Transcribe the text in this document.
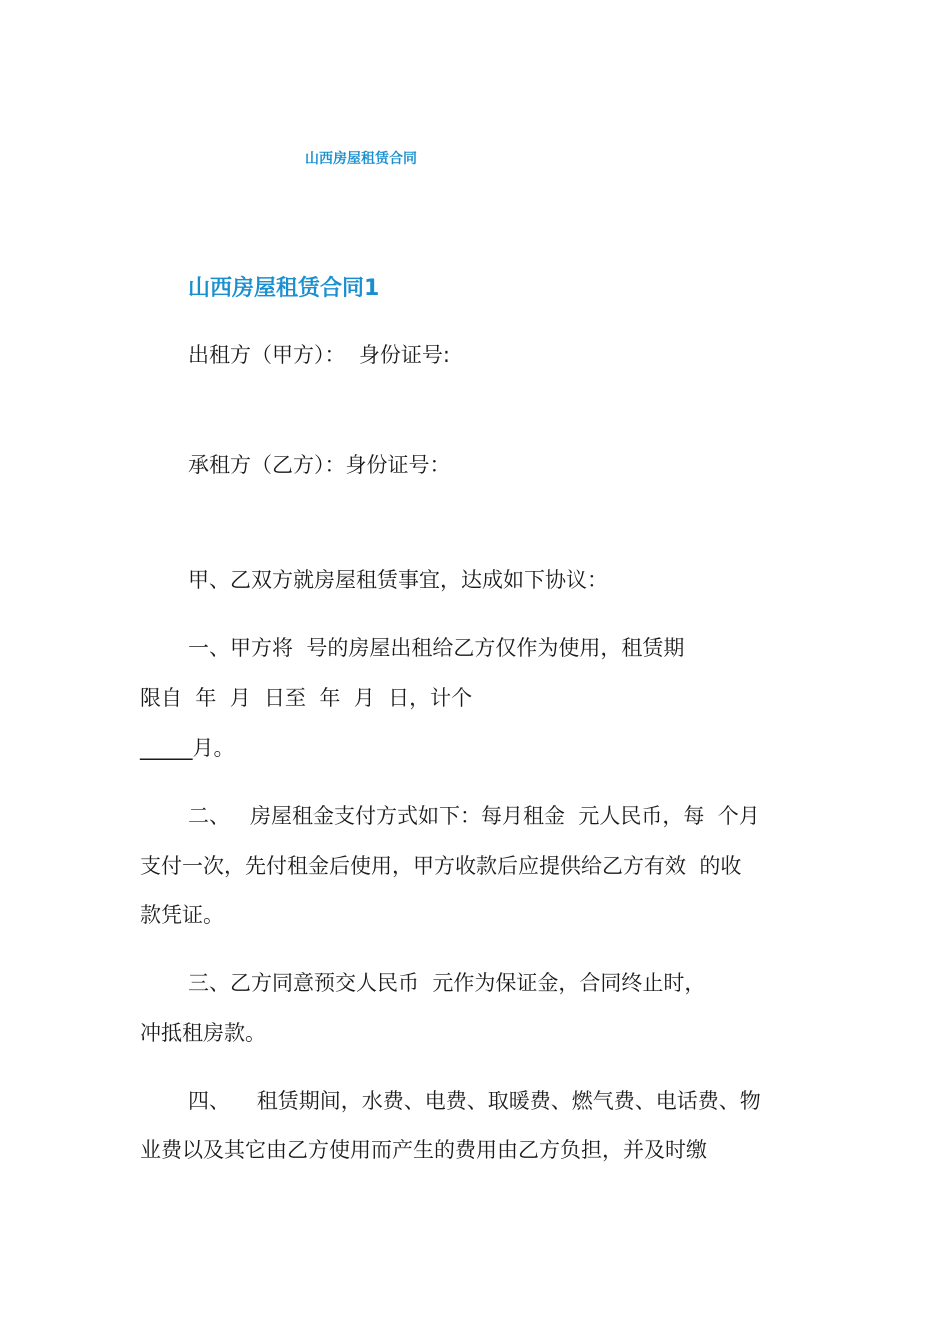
山西房屋租赁合同
山西房屋租赁合同1
出租方（甲方）：  身份证号:
承租方（乙方）：身份证号：
甲、乙双方就房屋租赁事宜，达成如下协议：
一、甲方将  号的房屋出租给乙方仅作为使用，租赁期
限自  年  月  日至  年  月  日，计个
_____月。
二、   房屋租金支付方式如下：每月租金  元人民币，每  个月
支付一次，先付租金后使用，甲方收款后应提供给乙方有效  的收
款凭证。
三、乙方同意预交人民币  元作为保证金，合同终止时，
冲抵租房款。
四、    租赁期间，水费、电费、取暖费、燃气费、电话费、物
业费以及其它由乙方使用而产生的费用由乙方负担，并及时缴
